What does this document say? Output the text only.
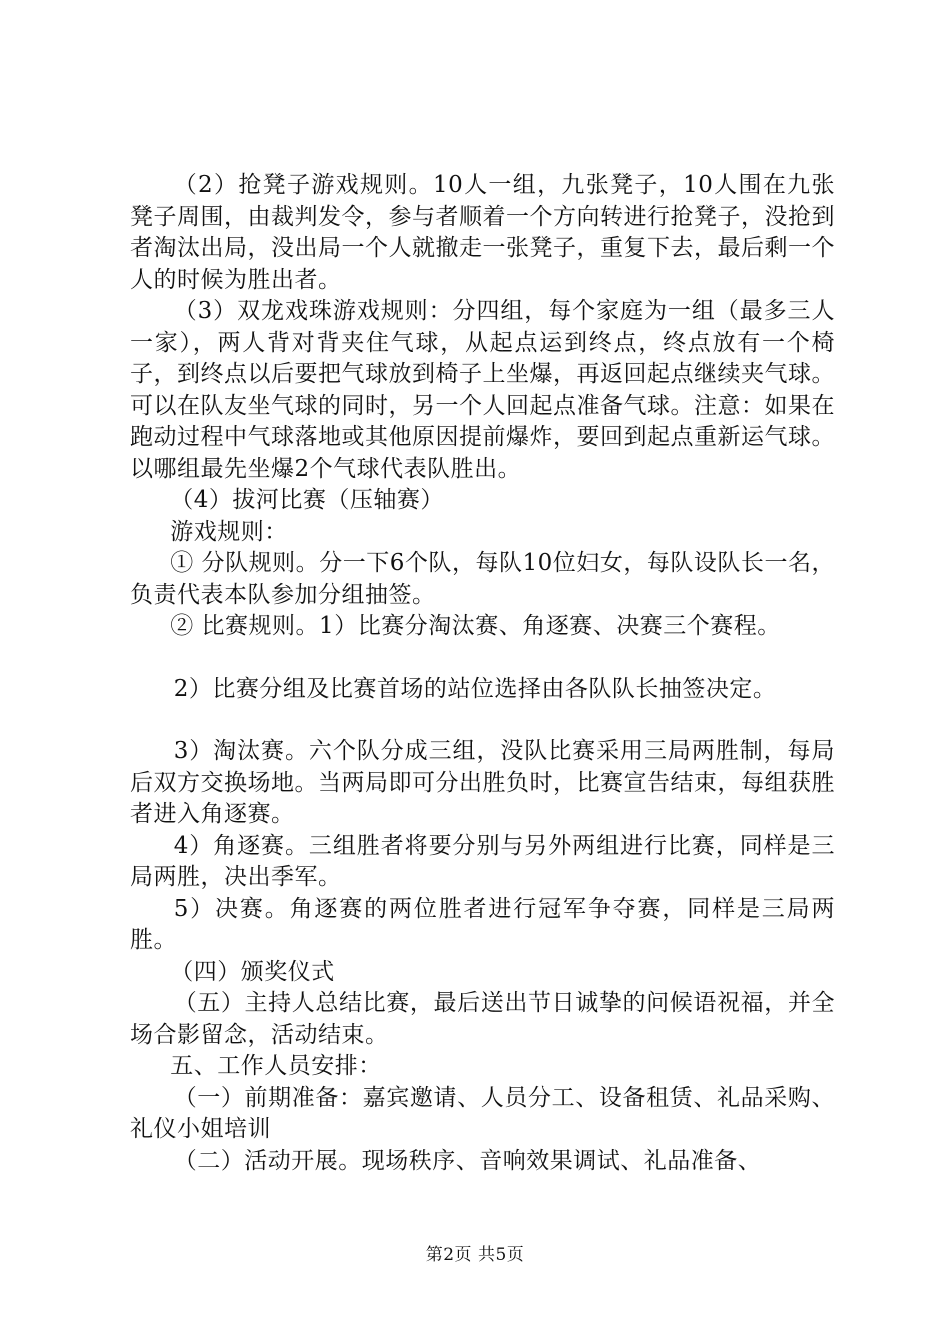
（2）抢凳子游戏规则。10人一组，九张凳子，10人围在九张凳子周围，由裁判发令，参与者顺着一个方向转进行抢凳子，没抢到者淘汰出局，没出局一个人就撤走一张凳子，重复下去，最后剩一个人的时候为胜出者。

（3）双龙戏珠游戏规则：分四组，每个家庭为一组（最多三人一家），两人背对背夹住气球，从起点运到终点，终点放有一个椅子，到终点以后要把气球放到椅子上坐爆，再返回起点继续夹气球。可以在队友坐气球的同时，另一个人回起点准备气球。注意：如果在跑动过程中气球落地或其他原因提前爆炸，要回到起点重新运气球。以哪组最先坐爆2个气球代表队胜出。

（4）拔河比赛（压轴赛）

游戏规则：

① 分队规则。分一下6个队，每队10位妇女，每队设队长一名，负责代表本队参加分组抽签。

② 比赛规则。1）比赛分淘汰赛、角逐赛、决赛三个赛程。

2）比赛分组及比赛首场的站位选择由各队队长抽签决定。

3）淘汰赛。六个队分成三组，没队比赛采用三局两胜制，每局后双方交换场地。当两局即可分出胜负时，比赛宣告结束，每组获胜者进入角逐赛。

4）角逐赛。三组胜者将要分别与另外两组进行比赛，同样是三局两胜，决出季军。

5）决赛。角逐赛的两位胜者进行冠军争夺赛，同样是三局两胜。

（四）颁奖仪式

（五）主持人总结比赛，最后送出节日诚挚的问候语祝福，并全场合影留念，活动结束。

五、工作人员安排：

（一）前期准备：嘉宾邀请、人员分工、设备租赁、礼品采购、礼仪小姐培训

（二）活动开展。现场秩序、音响效果调试、礼品准备、

第2页 共5页
